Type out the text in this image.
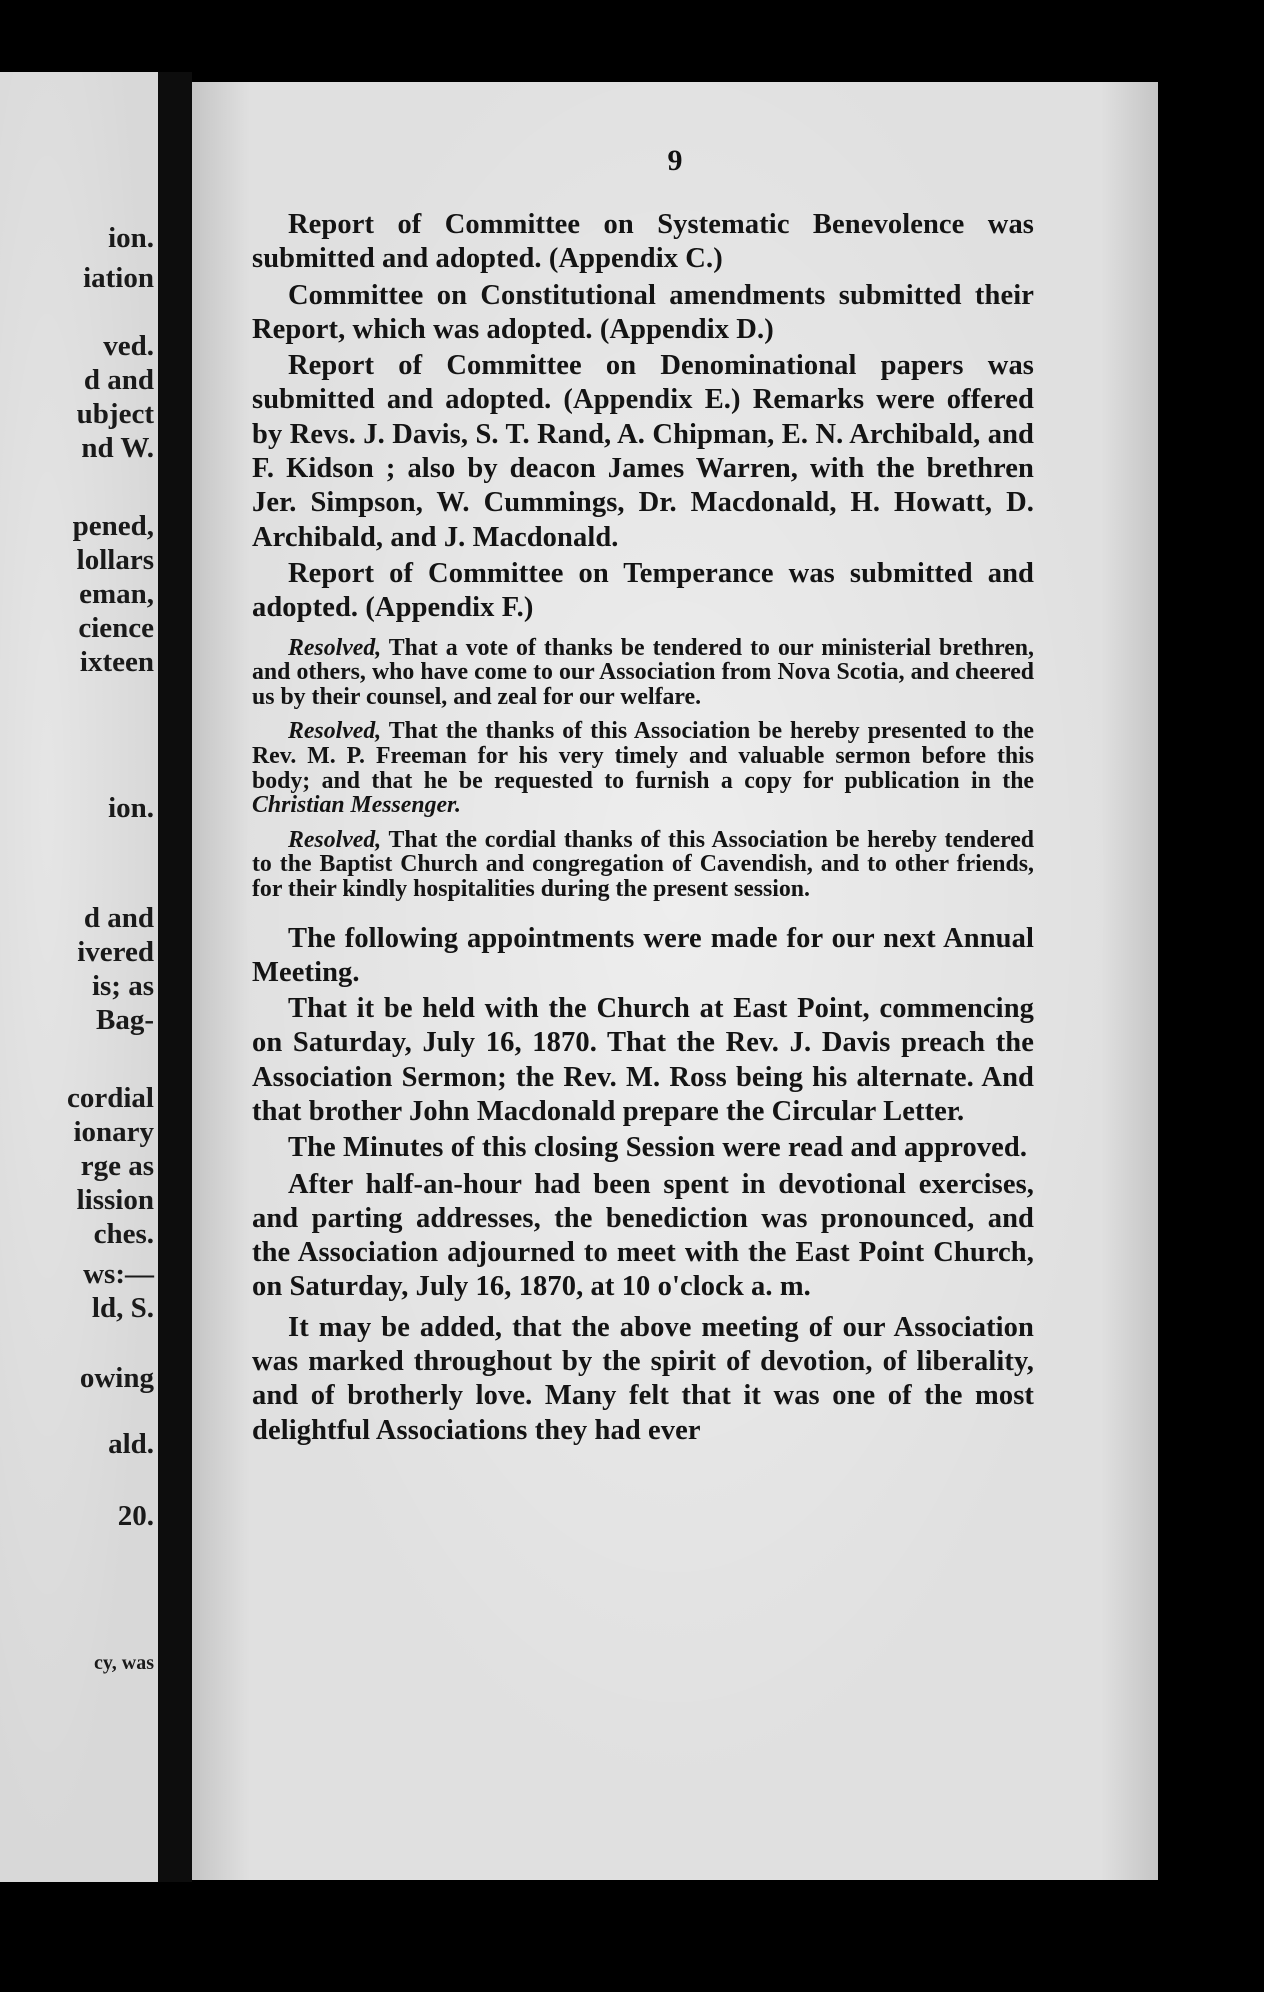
ion.
iation
ved.
d and
ubject
nd W.
pened,
lollars
eman,
cience
ixteen
ion.
d and
ivered
is; as
Bag-
cordial
ionary
rge as
lission
ches.
ws:—
ld, S.
owing
ald.
20.
cy, was
9

Report of Committee on Systematic Benevolence was submitted and adopted. (Appendix C.)

Committee on Constitutional amendments submitted their Report, which was adopted. (Appendix D.)

Report of Committee on Denominational papers was submitted and adopted. (Appendix E.) Remarks were offered by Revs. J. Davis, S. T. Rand, A. Chipman, E. N. Archibald, and F. Kidson ; also by deacon James Warren, with the brethren Jer. Simpson, W. Cummings, Dr. Macdonald, H. Howatt, D. Archibald, and J. Macdonald.

Report of Committee on Temperance was submitted and adopted. (Appendix F.)

Resolved, That a vote of thanks be tendered to our ministerial brethren, and others, who have come to our Association from Nova Scotia, and cheered us by their counsel, and zeal for our welfare.

Resolved, That the thanks of this Association be hereby presented to the Rev. M. P. Freeman for his very timely and valuable sermon before this body; and that he be requested to furnish a copy for publication in the Christian Messenger.

Resolved, That the cordial thanks of this Association be hereby tendered to the Baptist Church and congregation of Cavendish, and to other friends, for their kindly hospitalities during the present session.

The following appointments were made for our next Annual Meeting.

That it be held with the Church at East Point, commencing on Saturday, July 16, 1870. That the Rev. J. Davis preach the Association Sermon; the Rev. M. Ross being his alternate. And that brother John Macdonald prepare the Circular Letter.

The Minutes of this closing Session were read and approved.

After half-an-hour had been spent in devotional exercises, and parting addresses, the benediction was pronounced, and the Association adjourned to meet with the East Point Church, on Saturday, July 16, 1870, at 10 o'clock a. m.

It may be added, that the above meeting of our Association was marked throughout by the spirit of devotion, of liberality, and of brotherly love. Many felt that it was one of the most delightful Associations they had ever
